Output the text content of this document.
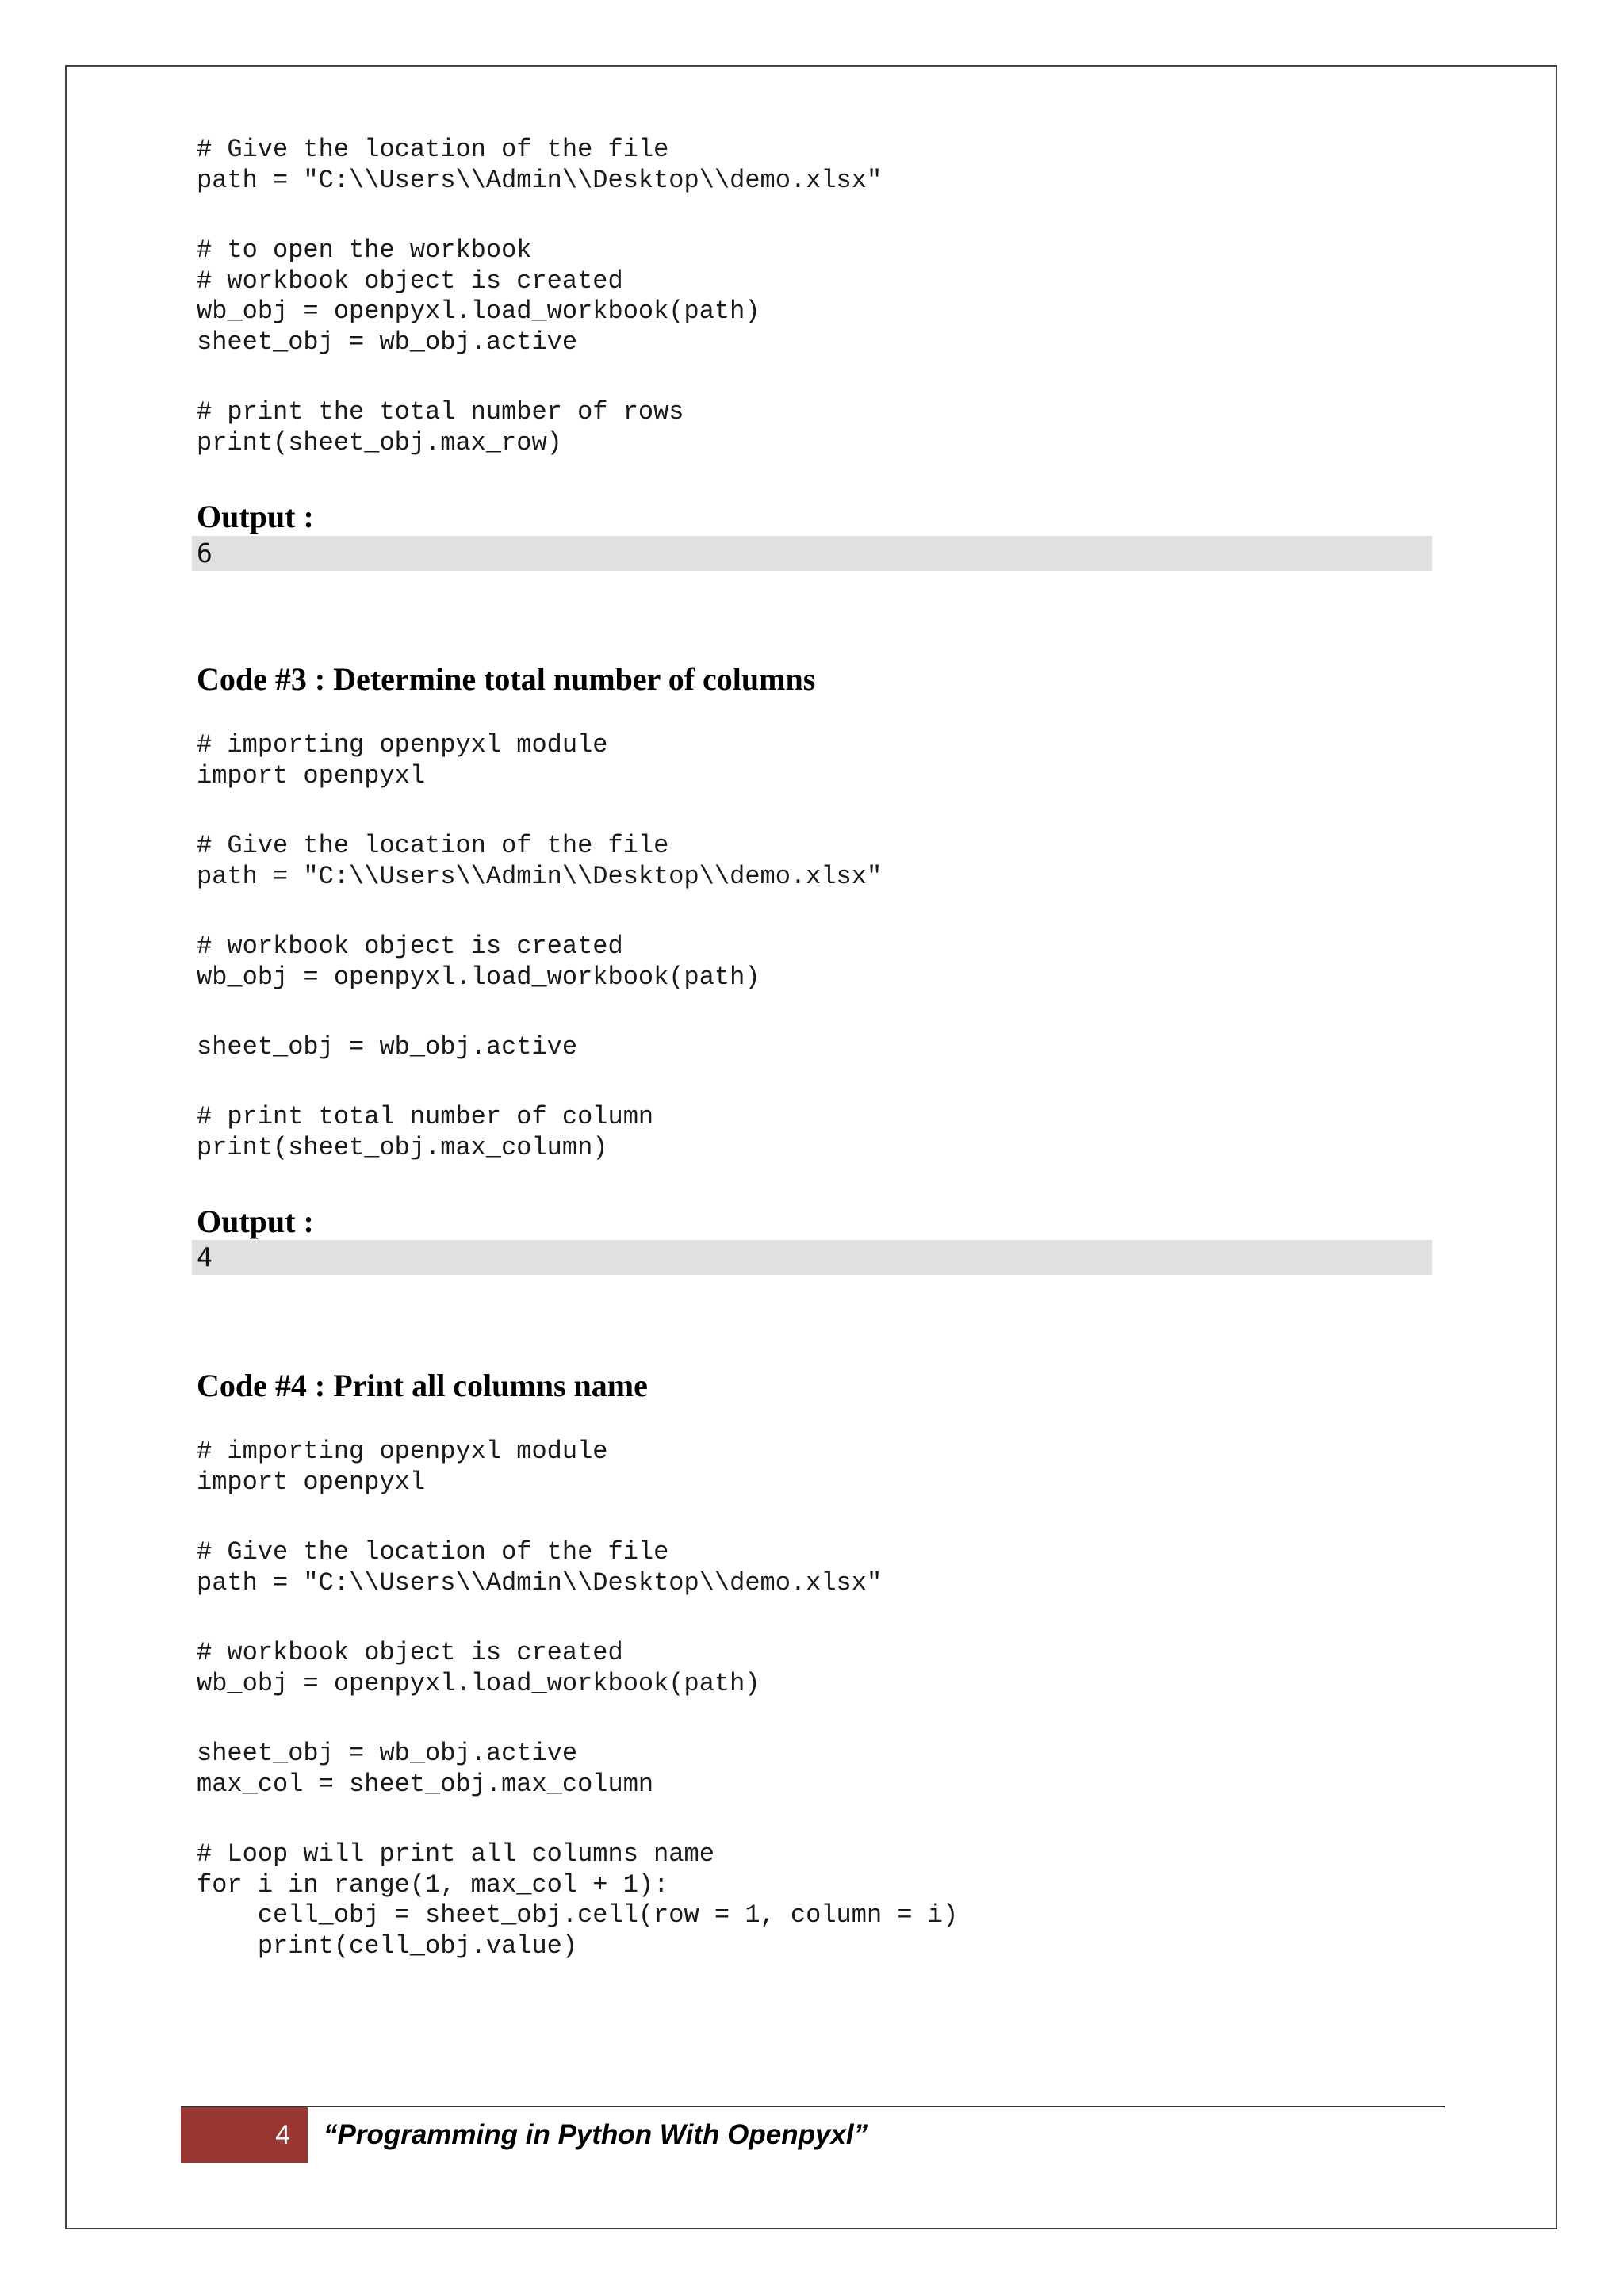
# Give the location of the file
path = "C:\\Users\\Admin\\Desktop\\demo.xlsx"
# to open the workbook
# workbook object is created
wb_obj = openpyxl.load_workbook(path)
sheet_obj = wb_obj.active
# print the total number of rows
print(sheet_obj.max_row)
Output :
6
Code #3 : Determine total number of columns
# importing openpyxl module
import openpyxl
# Give the location of the file
path = "C:\\Users\\Admin\\Desktop\\demo.xlsx"
# workbook object is created
wb_obj = openpyxl.load_workbook(path)
sheet_obj = wb_obj.active
# print total number of column
print(sheet_obj.max_column)
Output :
4
Code #4 : Print all columns name
# importing openpyxl module
import openpyxl
# Give the location of the file
path = "C:\\Users\\Admin\\Desktop\\demo.xlsx"
# workbook object is created
wb_obj = openpyxl.load_workbook(path)
sheet_obj = wb_obj.active
max_col = sheet_obj.max_column
# Loop will print all columns name
for i in range(1, max_col + 1):
cell_obj = sheet_obj.cell(row = 1, column = i)
print(cell_obj.value)
4	“Programming in Python With Openpyxl”
